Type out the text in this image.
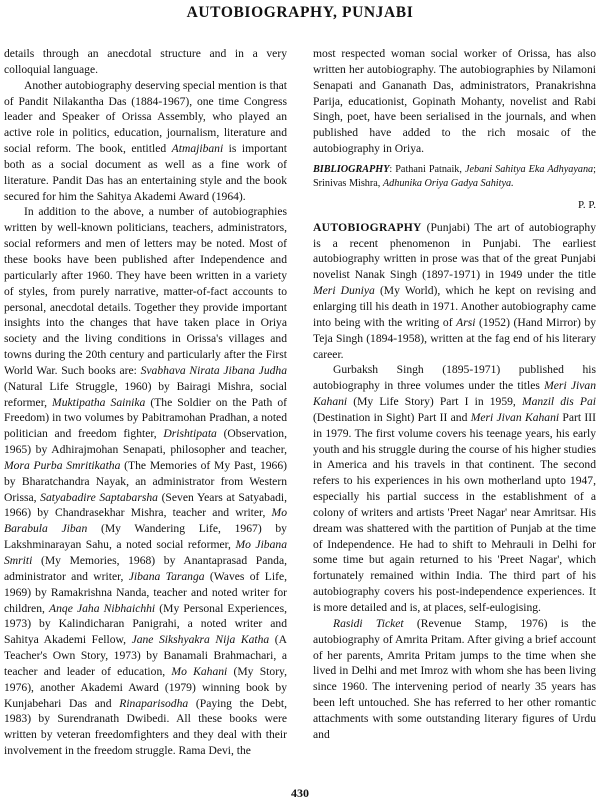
AUTOBIOGRAPHY, PUNJABI

details through an anecdotal structure and in a very colloquial language.

Another autobiography deserving special mention is that of Pandit Nilakantha Das (1884-1967), one time Congress leader and Speaker of Orissa Assembly, who played an active role in politics, education, journalism, literature and social reform. The book, entitled Atmajibani is important both as a social document as well as a fine work of literature. Pandit Das has an entertaining style and the book secured for him the Sahitya Akademi Award (1964).

In addition to the above, a number of autobiographies written by well-known politicians, teachers, administrators, social reformers and men of letters may be noted. Most of these books have been published after Independence and particularly after 1960. They have been written in a variety of styles, from purely narrative, matter-of-fact accounts to personal, anecdotal details. Together they provide important insights into the changes that have taken place in Oriya society and the living conditions in Orissa's villages and towns during the 20th century and particularly after the First World War. Such books are: Svabhava Nirata Jibana Judha (Natural Life Struggle, 1960) by Bairagi Mishra, social reformer, Muktipatha Sainika (The Soldier on the Path of Freedom) in two volumes by Pabitramohan Pradhan, a noted politician and freedom fighter, Drishtipata (Observation, 1965) by Adhirajmohan Senapati, philosopher and teacher, Mora Purba Smritikatha (The Memories of My Past, 1966) by Bharatchandra Nayak, an administrator from Western Orissa, Satyabadire Saptabarsha (Seven Years at Satyabadi, 1966) by Chandrasekhar Mishra, teacher and writer, Mo Barabula Jiban (My Wandering Life, 1967) by Lakshminarayan Sahu, a noted social reformer, Mo Jibana Smriti (My Memories, 1968) by Anantaprasad Panda, administrator and writer, Jibana Taranga (Waves of Life, 1969) by Ramakrishna Nanda, teacher and noted writer for children, Anqe Jaha Nibhaichhi (My Personal Experiences, 1973) by Kalindicharan Panigrahi, a noted writer and Sahitya Akademi Fellow, Jane Sikshyakra Nija Katha (A Teacher's Own Story, 1973) by Banamali Brahmachari, a teacher and leader of education, Mo Kahani (My Story, 1976), another Akademi Award (1979) winning book by Kunjabehari Das and Rinaparisodha (Paying the Debt, 1983) by Surendranath Dwibedi. All these books were written by veteran freedomfighters and they deal with their involvement in the freedom struggle. Rama Devi, the

most respected woman social worker of Orissa, has also written her autobiography. The autobiographies by Nilamoni Senapati and Gananath Das, administrators, Pranakrishna Parija, educationist, Gopinath Mohanty, novelist and Rabi Singh, poet, have been serialised in the journals, and when published have added to the rich mosaic of the autobiography in Oriya.

BIBLIOGRAPHY: Pathani Patnaik, Jebani Sahitya Eka Adhyayana; Srinivas Mishra, Adhunika Oriya Gadya Sahitya.

P. P.

AUTOBIOGRAPHY (Punjabi) The art of autobiography is a recent phenomenon in Punjabi. The earliest autobiography written in prose was that of the great Punjabi novelist Nanak Singh (1897-1971) in 1949 under the title Meri Duniya (My World), which he kept on revising and enlarging till his death in 1971. Another autobiography came into being with the writing of Arsi (1952) (Hand Mirror) by Teja Singh (1894-1958), written at the fag end of his literary career.

Gurbaksh Singh (1895-1971) published his autobiography in three volumes under the titles Meri Jivan Kahani (My Life Story) Part I in 1959, Manzil dis Pai (Destination in Sight) Part II and Meri Jivan Kahani Part III in 1979. The first volume covers his teenage years, his early youth and his struggle during the course of his higher studies in America and his travels in that continent. The second refers to his experiences in his own motherland upto 1947, especially his partial success in the establishment of a colony of writers and artists 'Preet Nagar' near Amritsar. His dream was shattered with the partition of Punjab at the time of Independence. He had to shift to Mehrauli in Delhi for some time but again returned to his 'Preet Nagar', which fortunately remained within India. The third part of his autobiography covers his post-independence experiences. It is more detailed and is, at places, self-eulogising.

Rasidi Ticket (Revenue Stamp, 1976) is the autobiography of Amrita Pritam. After giving a brief account of her parents, Amrita Pritam jumps to the time when she lived in Delhi and met Imroz with whom she has been living since 1960. The intervening period of nearly 35 years has been left untouched. She has referred to her other romantic attachments with some outstanding literary figures of Urdu and

430
